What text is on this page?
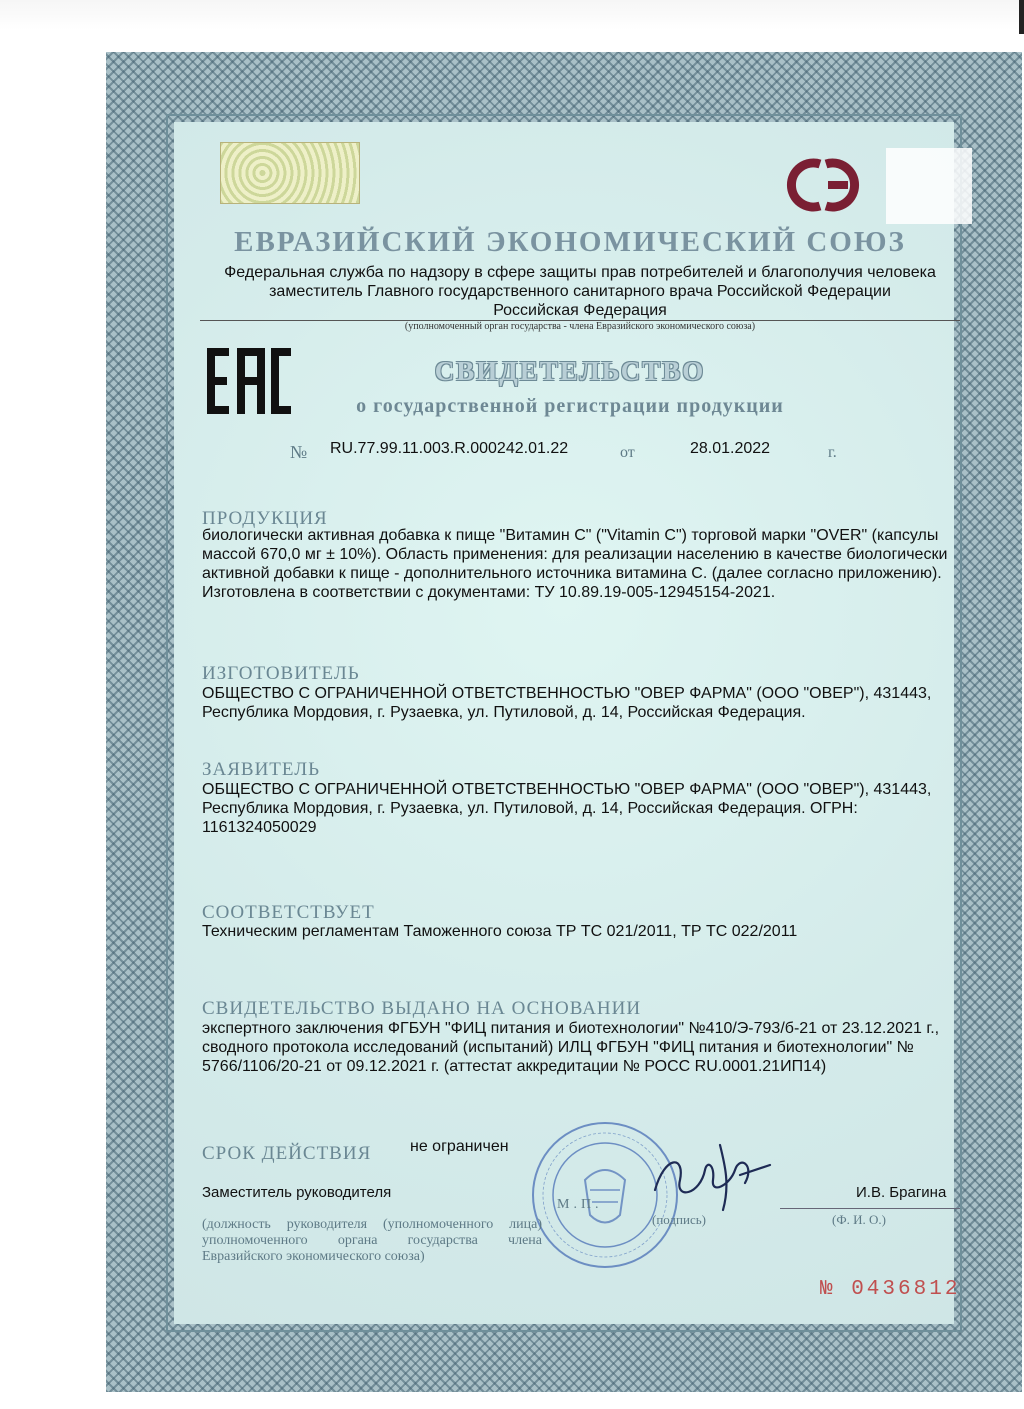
ЕВРАЗИЙСКИЙ ЭКОНОМИЧЕСКИЙ СОЮЗ
Федеральная служба по надзору в сфере защиты прав потребителей и благополучия человека
заместитель Главного государственного санитарного врача Российской Федерации
Российская Федерация
(уполномоченный орган государства - члена Евразийского экономического союза)
СВИДЕТЕЛЬСТВО
о государственной регистрации продукции
№ RU.77.99.11.003.R.000242.01.22	от	28.01.2022	г.
ПРОДУКЦИЯ
биологически активная добавка к пище "Витамин С" ("Vitamin C") торговой марки "OVER" (капсулы
массой 670,0 мг ± 10%). Область применения: для реализации населению в качестве биологически
активной добавки к пище - дополнительного источника витамина С. (далее согласно приложению).
Изготовлена в соответствии с документами: ТУ 10.89.19-005-12945154-2021.
ИЗГОТОВИТЕЛЬ
ОБЩЕСТВО С ОГРАНИЧЕННОЙ ОТВЕТСТВЕННОСТЬЮ "ОВЕР ФАРМА" (ООО "ОВЕР"), 431443,
Республика Мордовия, г. Рузаевка, ул. Путиловой, д. 14, Российская Федерация.
ЗАЯВИТЕЛЬ
ОБЩЕСТВО С ОГРАНИЧЕННОЙ ОТВЕТСТВЕННОСТЬЮ "ОВЕР ФАРМА" (ООО "ОВЕР"), 431443,
Республика Мордовия, г. Рузаевка, ул. Путиловой, д. 14, Российская Федерация. ОГРН:
1161324050029
СООТВЕТСТВУЕТ
Техническим регламентам Таможенного союза ТР ТС 021/2011, ТР ТС 022/2011
СВИДЕТЕЛЬСТВО ВЫДАНО НА ОСНОВАНИИ
экспертного заключения ФГБУН "ФИЦ питания и биотехнологии" №410/Э-793/б-21 от 23.12.2021 г.,
сводного протокола исследований (испытаний) ИЛЦ ФГБУН "ФИЦ питания и биотехнологии" №
5766/1106/20-21 от 09.12.2021 г. (аттестат аккредитации № РОСС RU.0001.21ИП14)
СРОК ДЕЙСТВИЯ не ограничен
Заместитель руководителя
М.П.
И.В. Брагина
(должность руководителя (уполномоченного лица) уполномоченного органа государства члена Евразийского экономического союза)
(подпись)	(Ф. И. О.)
№ 0436812
